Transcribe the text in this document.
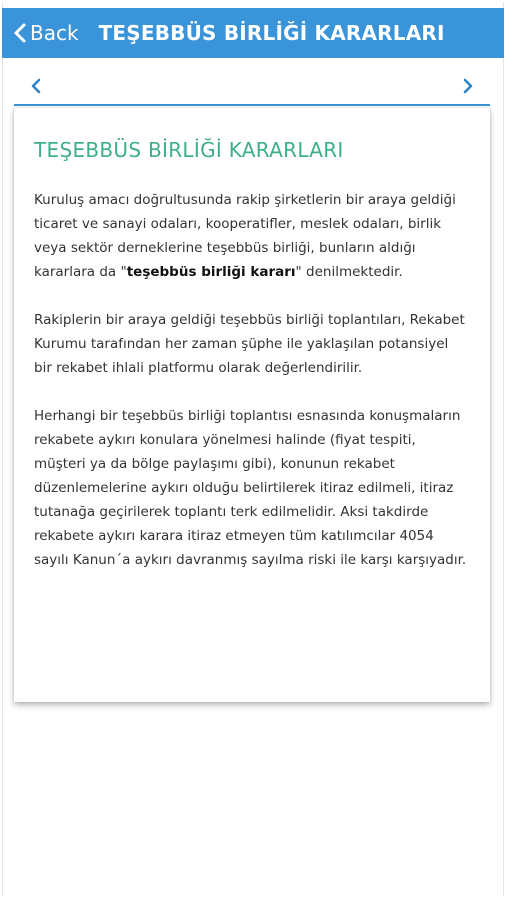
Back TEŞEBBÜS BİRLİĞİ KARARLARI
TEŞEBBÜS BİRLİĞİ KARARLARI

Kuruluş amacı doğrultusunda rakip şirketlerin bir araya geldiği ticaret ve sanayi odaları, kooperatifler, meslek odaları, birlik veya sektör derneklerine teşebbüs birliği, bunların aldığı kararlara da "teşebbüs birliği kararı" denilmektedir.

Rakiplerin bir araya geldiği teşebbüs birliği toplantıları, Rekabet Kurumu tarafından her zaman şüphe ile yaklaşılan potansiyel bir rekabet ihlali platformu olarak değerlendirilir.

Herhangi bir teşebbüs birliği toplantısı esnasında konuşmaların rekabete aykırı konulara yönelmesi halinde (fiyat tespiti, müşteri ya da bölge paylaşımı gibi), konunun rekabet düzenlemelerine aykırı olduğu belirtilerek itiraz edilmeli, itiraz tutanağa geçirilerek toplantı terk edilmelidir. Aksi takdirde rekabete aykırı karara itiraz etmeyen tüm katılımcılar 4054 sayılı Kanun´a aykırı davranmış sayılma riski ile karşı karşıyadır.
